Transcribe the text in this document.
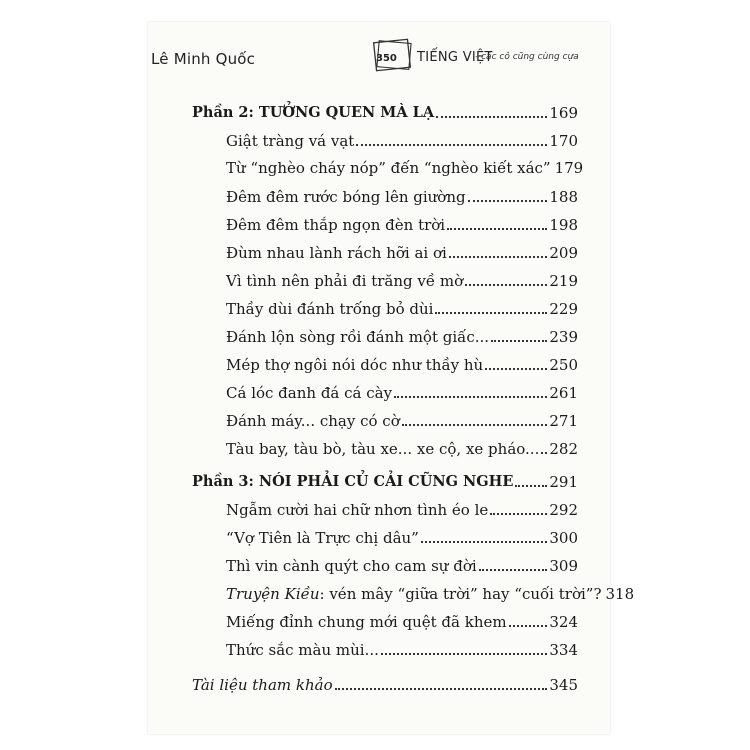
Lê Minh Quốc	350 TIẾNG VIỆT
- các cô cũng cùng cựa
Phần 2: TƯỞNG QUEN MÀ LẠ	169
Giật tràng vá vạt	170
Từ “nghèo cháy nóp” đến “nghèo kiết xác” 179
Đêm đêm rước bóng lên giường	188
Đêm đêm thắp ngọn đèn trời	198
Đùm nhau lành rách hỡi ai ơi	209
Vì tình nên phải đi trăng về mờ	219
Thầy dùi đánh trống bỏ dùi	229
Đánh lộn sòng rồi đánh một giấc...	239
Mép thợ ngôi nói dóc như thầy hù	250
Cá lóc đanh đá cá cày	261
Đánh máy... chạy có cờ	271
Tàu bay, tàu bò, tàu xe... xe cộ, xe pháo... 282
Phần 3: NÓI PHẢI CỦ CẢI CŨNG NGHE 291
Ngẫm cười hai chữ nhơn tình éo le	292
“Vợ Tiên là Trực chị dâu”	300
Thì vin cành quýt cho cam sự đời	309
Truyện Kiều: vén mây “giữa trời” hay “cuối trời”? 318
Miếng đỉnh chung mới quệt đã khem	324
Thức sắc màu mùi...	334
Tài liệu tham khảo	345
